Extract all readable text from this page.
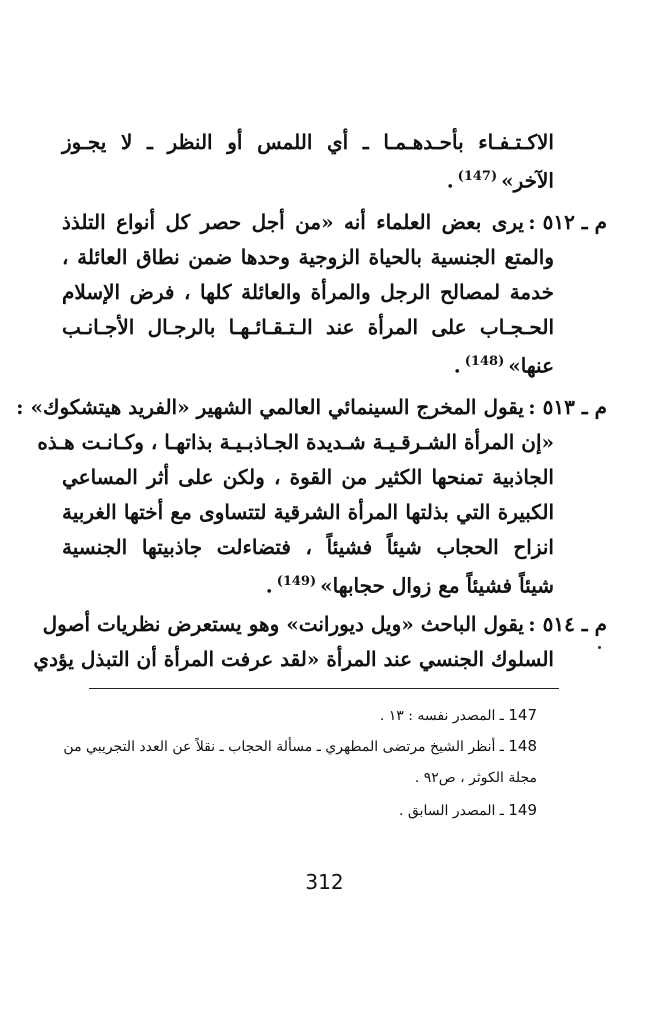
الاكـتـفـاء بأحـدهـمـا ـ أي اللمس أو النظر ـ لا يجـوز
الآخر»$^{(147)}$.
م ـ ٥١٢ :
يرى بعض العلماء أنه «من أجل حصر كل أنواع التلذذ
والمتع الجنسية بالحياة الزوجية وحدها ضمن نطاق العائلة ،
خدمة لمصالح الرجل والمرأة والعائلة كلها ، فرض الإسلام
الحـجـاب على المرأة عند الـتـقـائـهـا بالرجـال الأجـانـب
عنها»$^{(148)}$.
م ـ ٥١٣ :
يقول المخرج السينمائي العالمي الشهير «الفريد هيتشكوك» :
«إن المرأة الشـرقـيـة شـديدة الجـاذبـيـة بذاتهـا ، وكـانـت هـذه
الجاذبية تمنحها الكثير من القوة ، ولكن على أثر المساعي
الكبيرة التي بذلتها المرأة الشرقية لتتساوى مع أختها الغربية
انزاح الحجاب شيئاً فشيئاً ، فتضاءلت جاذبيتها الجنسية
شيئاً فشيئاً مع زوال حجابها»$^{(149)}$.
م ـ ٥١٤ :
يقول الباحث «ويل ديورانت» وهو يستعرض نظريات أصول
السلوك الجنسي عند المرأة «لقد عرفت المرأة أن التبذل يؤدي
147 ـ المصدر نفسه : ١٣ .
148 ـ أنظر الشيخ مرتضى المطهري ـ مسألة الحجاب ـ نقلاً عن العدد التجريبي من
مجلة الكوثر ، ص٩٢ .
149 ـ المصدر السابق .
312
